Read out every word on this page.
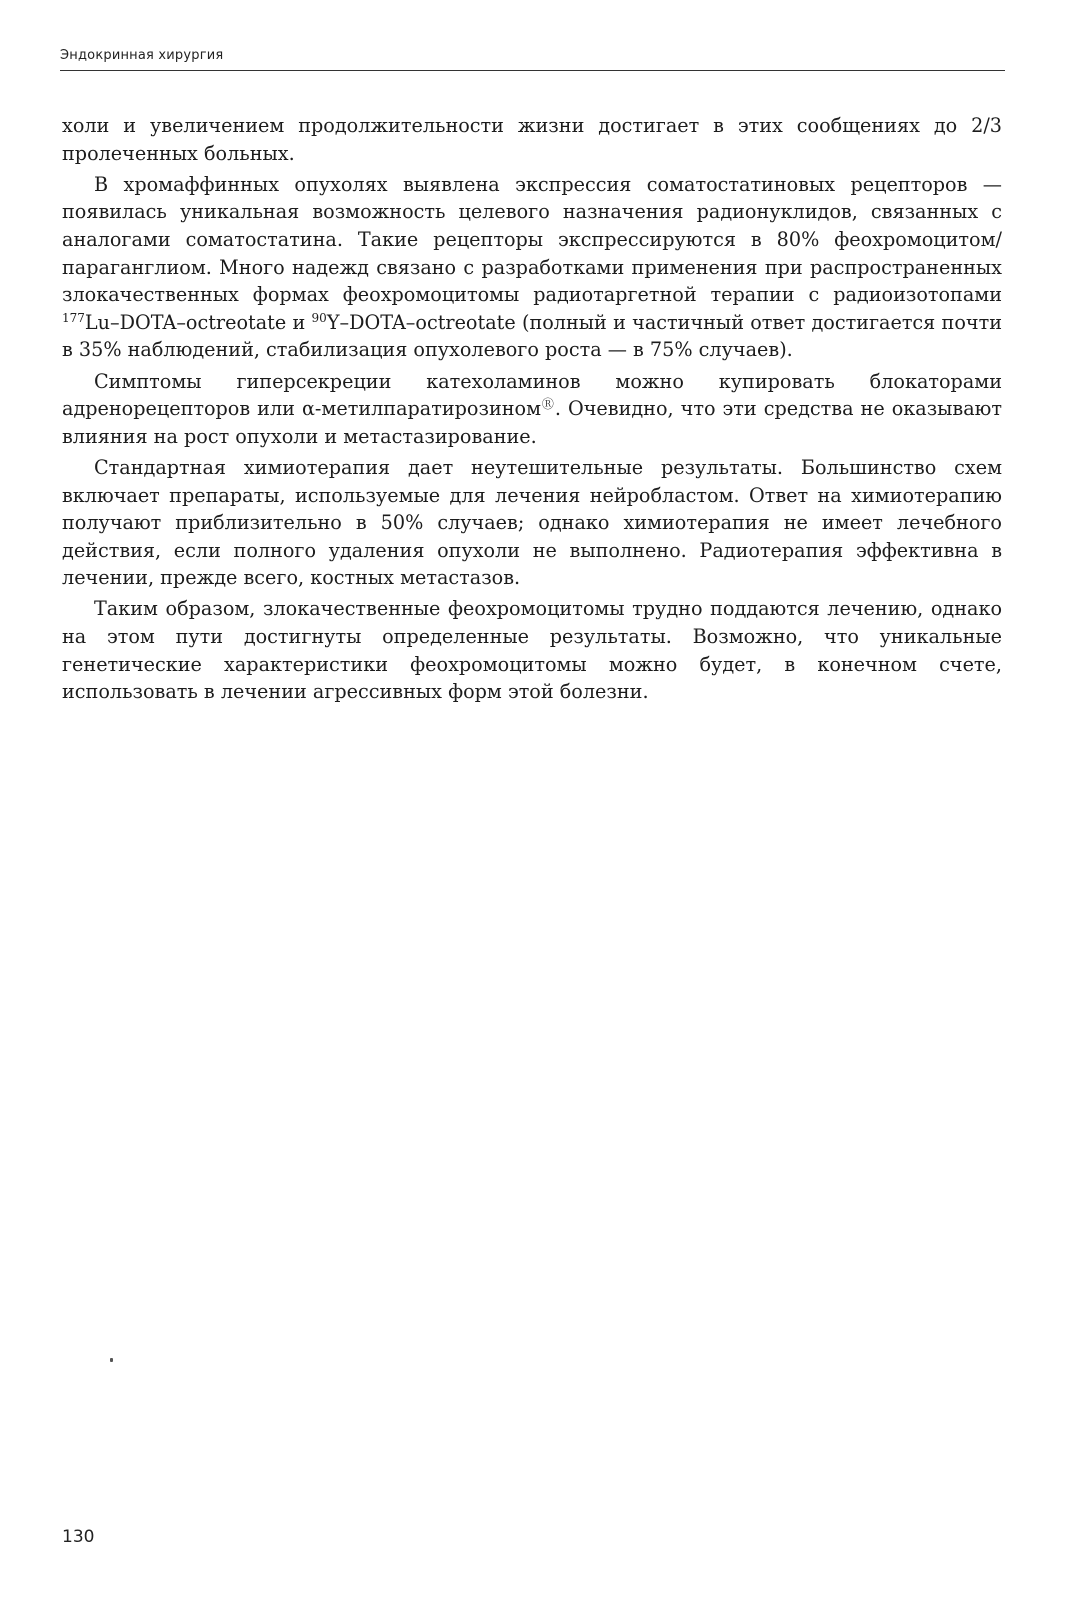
Эндокринная хирургия

холи и увеличением продолжительности жизни достигает в этих сообщениях до 2/3 пролеченных больных.

В хромаффинных опухолях выявлена экспрессия соматостатиновых рецепторов — появилась уникальная возможность целевого назначения радионуклидов, связанных с аналогами соматостатина. Такие рецепторы экспрессируются в 80% феохромоцитом/параганглиом. Много надежд связано с разработками применения при распространенных злокачественных формах феохромоцитомы радиотаргетной терапии с радиоизотопами $^{177}$Lu–DOTA–octreotate и $^{90}$Y–DOTA–octreotate (полный и частичный ответ достигается почти в 35% наблюдений, стабилизация опухолевого роста — в 75% случаев).

Симптомы гиперсекреции катехоламинов можно купировать блокаторами адренорецепторов или α-метилпаратирозиномⓇ. Очевидно, что эти средства не оказывают влияния на рост опухоли и метастазирование.

Стандартная химиотерапия дает неутешительные результаты. Большинство схем включает препараты, используемые для лечения нейробластом. Ответ на химиотерапию получают приблизительно в 50% случаев; однако химиотерапия не имеет лечебного действия, если полного удаления опухоли не выполнено. Радиотерапия эффективна в лечении, прежде всего, костных метастазов.

Таким образом, злокачественные феохромоцитомы трудно поддаются лечению, однако на этом пути достигнуты определенные результаты. Возможно, что уникальные генетические характеристики феохромоцитомы можно будет, в конечном счете, использовать в лечении агрессивных форм этой болезни.

130
